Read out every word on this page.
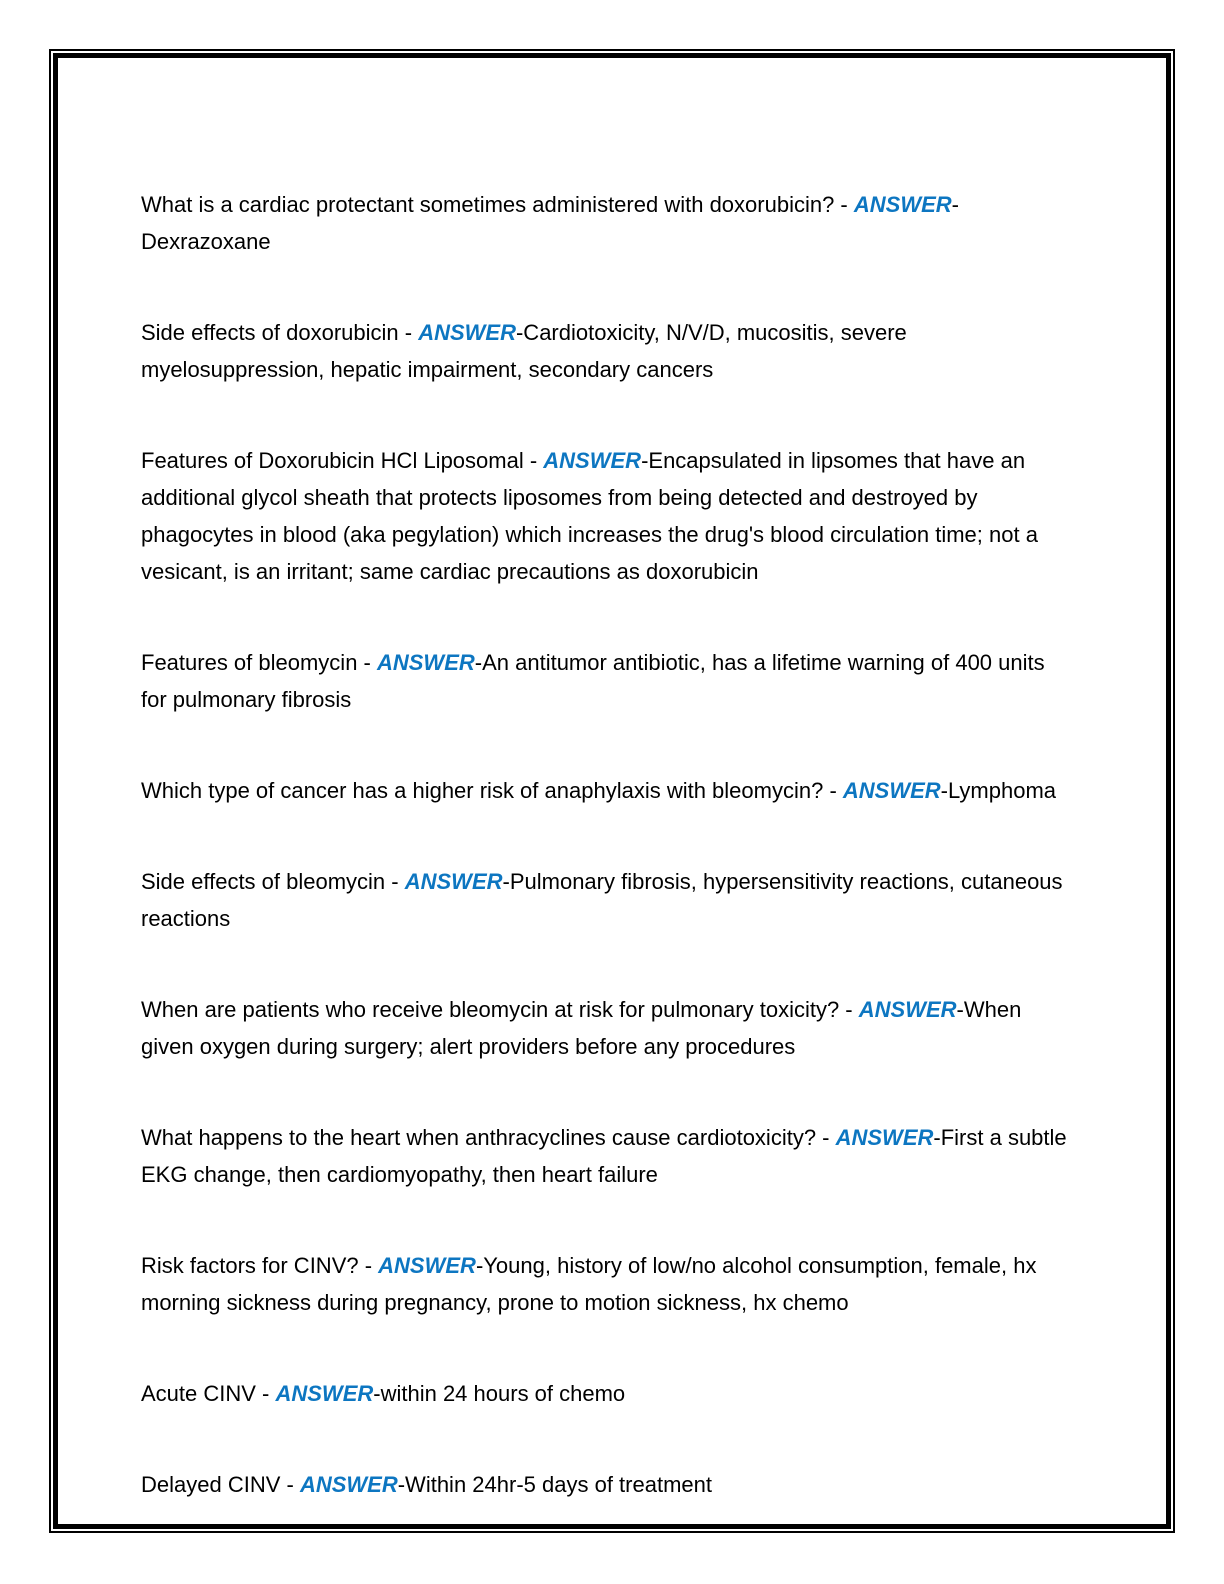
What is a cardiac protectant sometimes administered with doxorubicin? - ANSWER-Dexrazoxane

Side effects of doxorubicin - ANSWER-Cardiotoxicity, N/V/D, mucositis, severe myelosuppression, hepatic impairment, secondary cancers

Features of Doxorubicin HCl Liposomal - ANSWER-Encapsulated in lipsomes that have an additional glycol sheath that protects liposomes from being detected and destroyed by phagocytes in blood (aka pegylation) which increases the drug's blood circulation time; not a vesicant, is an irritant; same cardiac precautions as doxorubicin

Features of bleomycin - ANSWER-An antitumor antibiotic, has a lifetime warning of 400 units for pulmonary fibrosis

Which type of cancer has a higher risk of anaphylaxis with bleomycin? - ANSWER-Lymphoma

Side effects of bleomycin - ANSWER-Pulmonary fibrosis, hypersensitivity reactions, cutaneous reactions

When are patients who receive bleomycin at risk for pulmonary toxicity? - ANSWER-When given oxygen during surgery; alert providers before any procedures

What happens to the heart when anthracyclines cause cardiotoxicity? - ANSWER-First a subtle EKG change, then cardiomyopathy, then heart failure

Risk factors for CINV? - ANSWER-Young, history of low/no alcohol consumption, female, hx morning sickness during pregnancy, prone to motion sickness, hx chemo

Acute CINV - ANSWER-within 24 hours of chemo

Delayed CINV - ANSWER-Within 24hr-5 days of treatment
